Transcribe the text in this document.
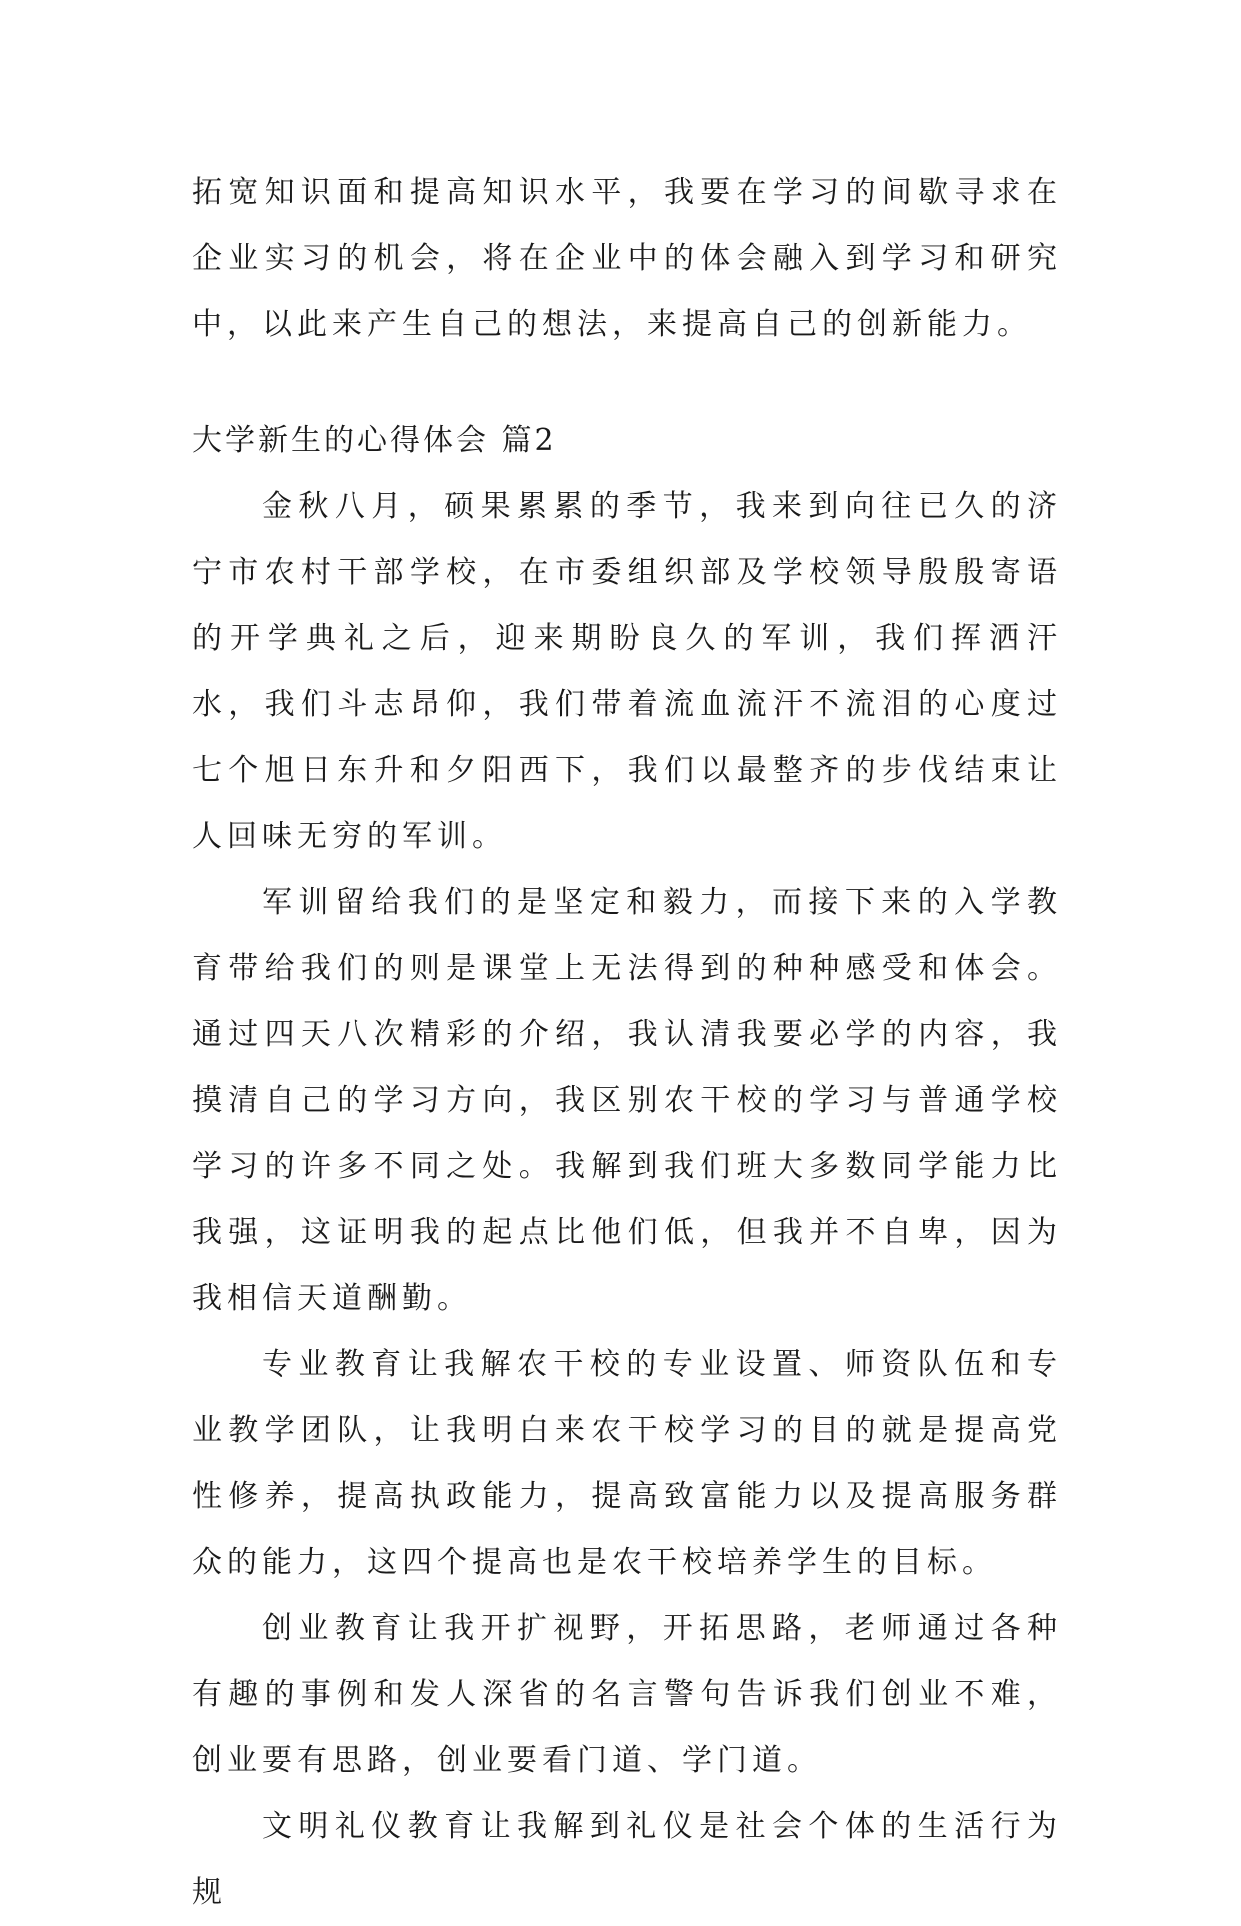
拓宽知识面和提高知识水平，我要在学习的间歇寻求在企业实习的机会，将在企业中的体会融入到学习和研究中，以此来产生自己的想法，来提高自己的创新能力。

大学新生的心得体会 篇2

金秋八月，硕果累累的季节，我来到向往已久的济宁市农村干部学校，在市委组织部及学校领导殷殷寄语的开学典礼之后，迎来期盼良久的军训，我们挥洒汗水，我们斗志昂仰，我们带着流血流汗不流泪的心度过七个旭日东升和夕阳西下，我们以最整齐的步伐结束让人回味无穷的军训。

军训留给我们的是坚定和毅力，而接下来的入学教育带给我们的则是课堂上无法得到的种种感受和体会。通过四天八次精彩的介绍，我认清我要必学的内容，我摸清自己的学习方向，我区别农干校的学习与普通学校学习的许多不同之处。我解到我们班大多数同学能力比我强，这证明我的起点比他们低，但我并不自卑，因为我相信天道酬勤。

专业教育让我解农干校的专业设置、师资队伍和专业教学团队，让我明白来农干校学习的目的就是提高党性修养，提高执政能力，提高致富能力以及提高服务群众的能力，这四个提高也是农干校培养学生的目标。

创业教育让我开扩视野，开拓思路，老师通过各种有趣的事例和发人深省的名言警句告诉我们创业不难，创业要有思路，创业要看门道、学门道。

文明礼仪教育让我解到礼仪是社会个体的生活行为规
